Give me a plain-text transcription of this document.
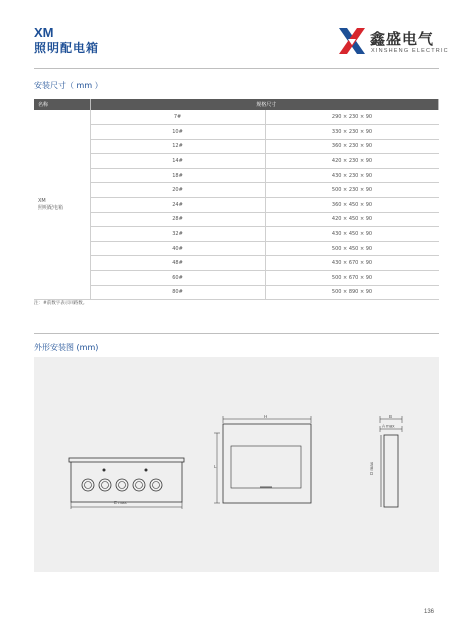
XM
照明配电箱	鑫盛电气
XINSHENG ELECTRIC
安装尺寸（ mm ）
名称	规格尺寸	

XM
照明配电箱	7#	290 × 230 × 90
	10#	330 × 230 × 90
	12#	360 × 230 × 90
	14#	420 × 230 × 90
	18#	430 × 230 × 90
	20#	500 × 230 × 90
	24#	360 × 450 × 90
	28#	420 × 450 × 90
	32#	430 × 450 × 90
	40#	500 × 450 × 90
	48#	430 × 670 × 90
	60#	500 × 670 × 90
	80#	500 × 890 × 90
注：#前数字表示回路数。
外形安装图 (mm)
E max
H
L
B
A max
D max
136
